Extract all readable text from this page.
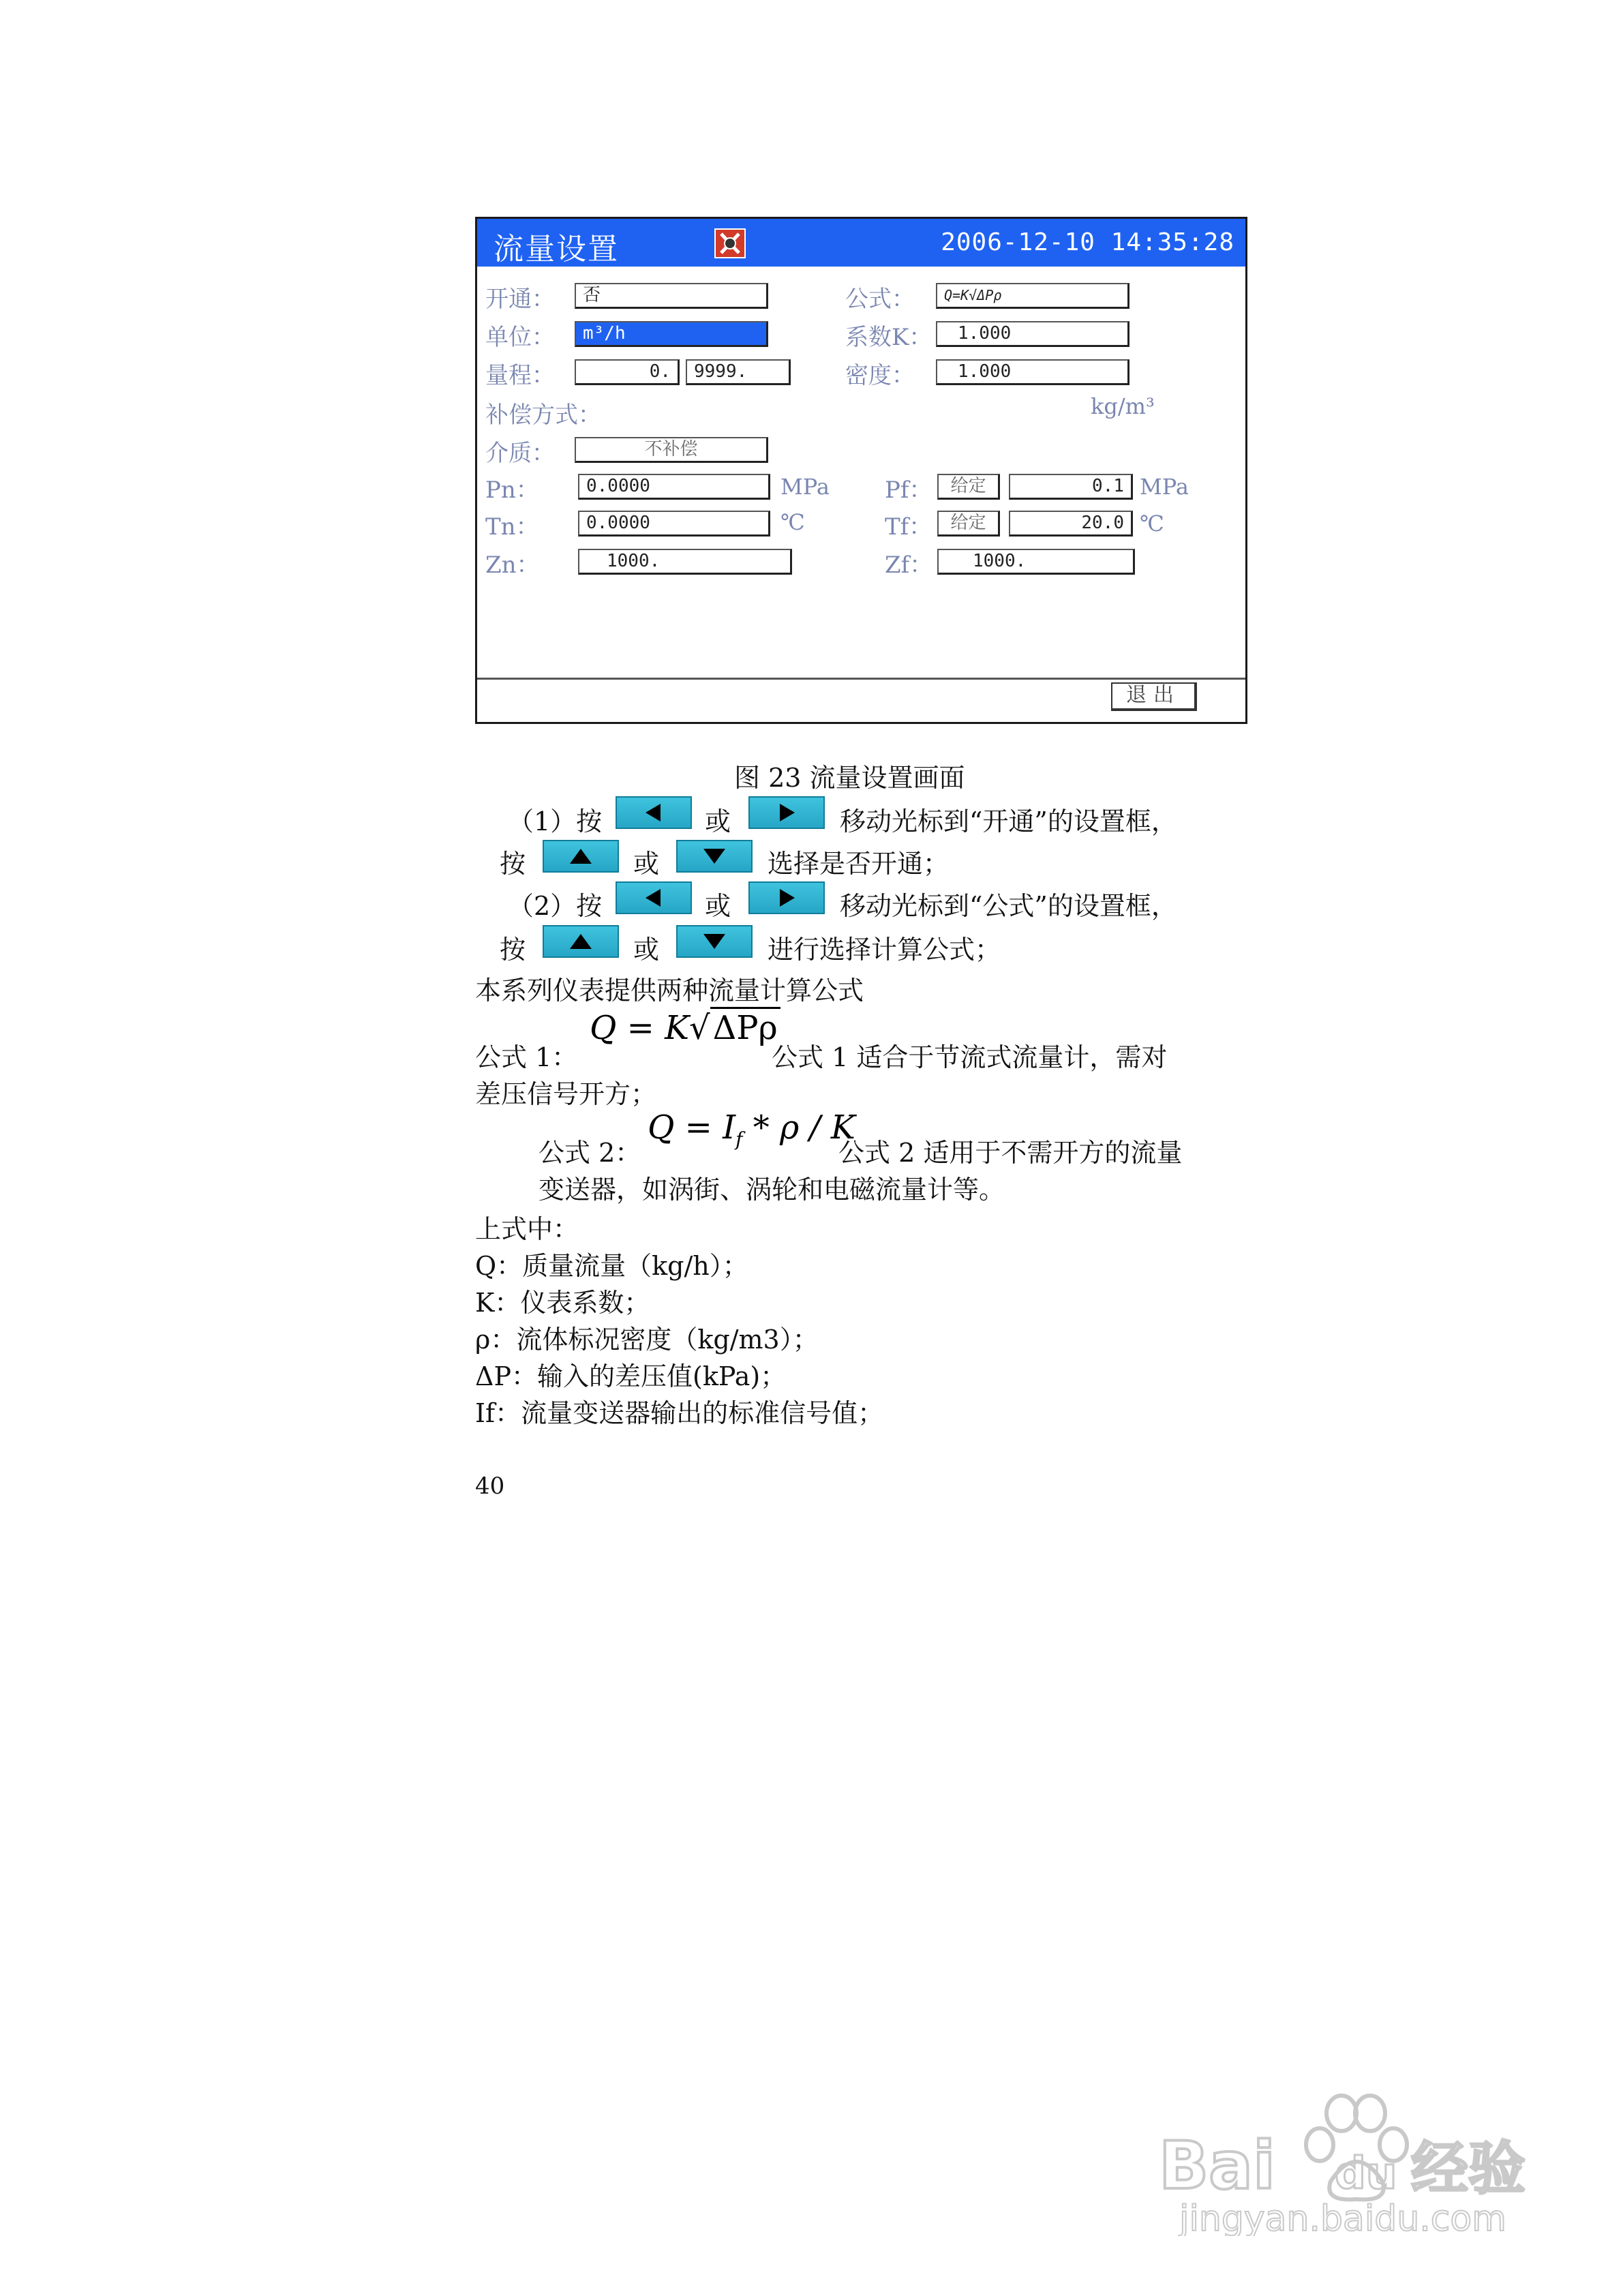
流量设置	2006-12-10 14:35:28
开通：	否
单位：	m³/h
量程：	0.	9999.
补偿方式：
介质：	不补偿
Pn：	0.0000	MPa
Tn：	0.0000	℃
Zn：	1000.
公式：	Q=K√ΔPρ
系数K：	1.000
密度：	1.000
kg/m³
Pf：	给定	0.1 MPa
Tf：	给定	20.0 ℃
Zf：	1000.
退出
图 23 流量设置画面
（1）按	或	移动光标到“开通”的设置框，
按	或	选择是否开通；
（2）按	或	移动光标到“公式”的设置框，
按	或	进行选择计算公式；
本系列仪表提供两种流量计算公式
公式 1：
Q = K√ΔPρ
公式 1 适合于节流式流量计，需对
差压信号开方；
公式 2：
$Q = I_f * \rho / K$
公式 2 适用于不需开方的流量
变送器，如涡街、涡轮和电磁流量计等。
上式中：
Q：质量流量（kg/h）；
K：仪表系数；
ρ：流体标况密度（kg/m3）；
ΔP：输入的差压值(kPa)；
If：流量变送器输出的标准信号值；
40
Bai du 经验
jingyan.baidu.com
